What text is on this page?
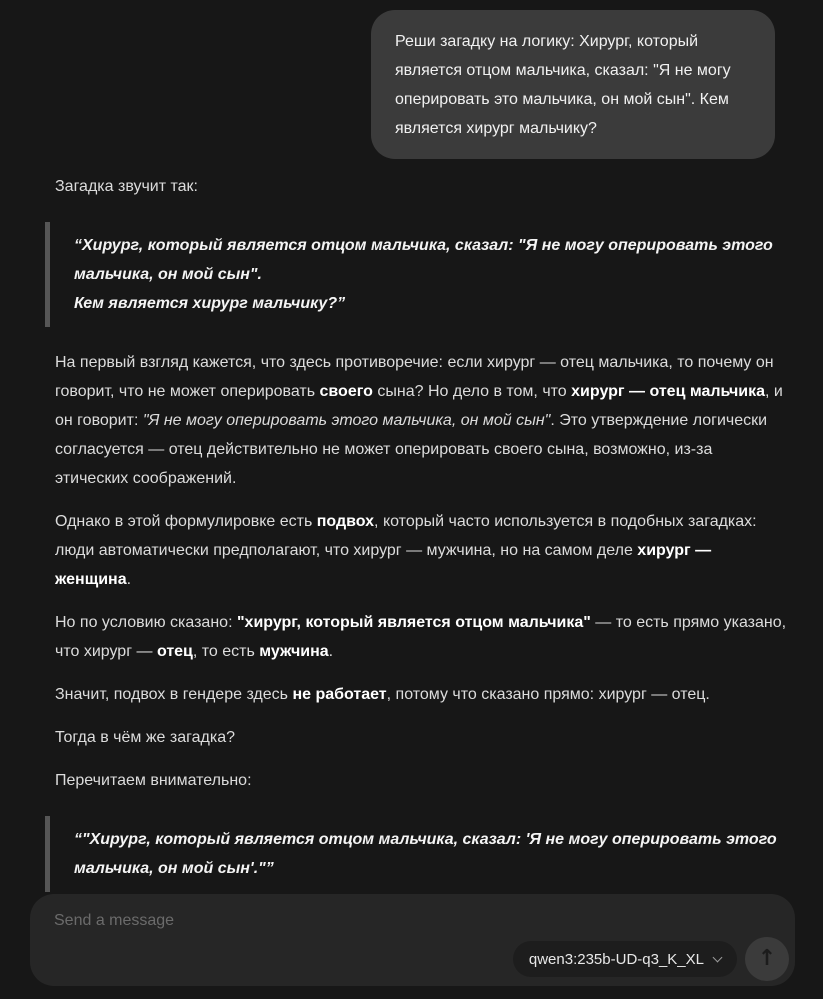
Реши загадку на логику: Хирург, который является отцом мальчика, сказал: "Я не могу оперировать это мальчика, он мой сын". Кем является хирург мальчику?

Загадка звучит так:

“Хирург, который является отцом мальчика, сказал: "Я не могу оперировать этого мальчика, он мой сын".
Кем является хирург мальчику?”

На первый взгляд кажется, что здесь противоречие: если хирург — отец мальчика, то почему он говорит, что не может оперировать своего сына? Но дело в том, что хирург — отец мальчика, и он говорит: "Я не могу оперировать этого мальчика, он мой сын". Это утверждение логически согласуется — отец действительно не может оперировать своего сына, возможно, из-за этических соображений.

Однако в этой формулировке есть подвох, который часто используется в подобных загадках: люди автоматически предполагают, что хирург — мужчина, но на самом деле хирург — женщина.

Но по условию сказано: "хирург, который является отцом мальчика" — то есть прямо указано, что хирург — отец, то есть мужчина.

Значит, подвох в гендере здесь не работает, потому что сказано прямо: хирург — отец.

Тогда в чём же загадка?

Перечитаем внимательно:

“"Хирург, который является отцом мальчика, сказал: 'Я не могу оперировать этого мальчика, он мой сын'."”

Send a message
qwen3:235b-UD-q3_K_XL ↑
